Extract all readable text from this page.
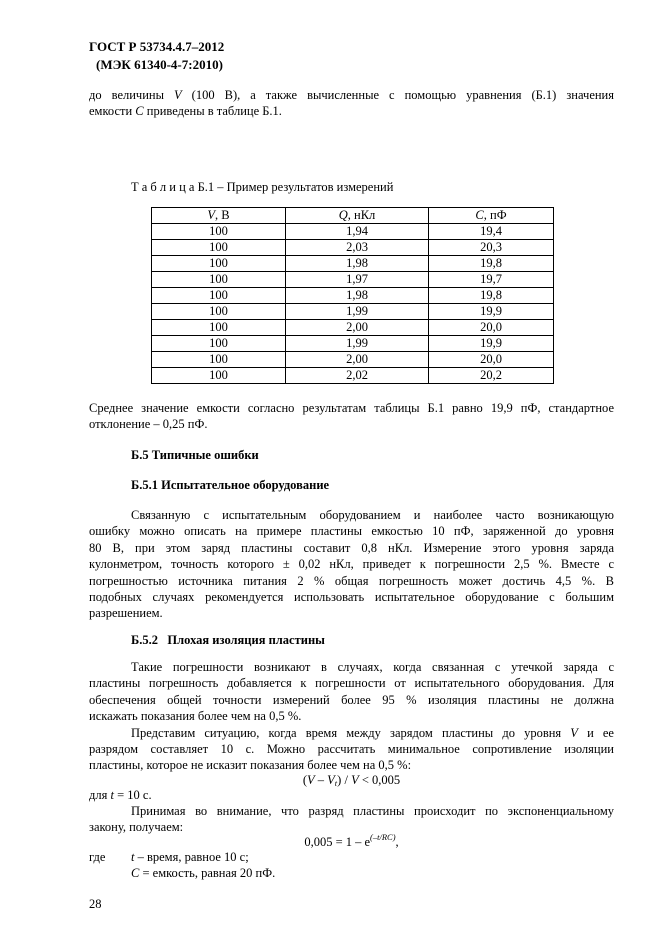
ГОСТ Р 53734.4.7–2012
(МЭК 61340-4-7:2010)
до величины V (100 В), а также вычисленные с помощью уравнения (Б.1) значения
емкости C приведены в таблице Б.1.
Т а б л и ц а Б.1 – Пример результатов измерений
V, В	Q, нКл	C, пФ
100	1,94	19,4
100	2,03	20,3
100	1,98	19,8
100	1,97	19,7
100	1,98	19,8
100	1,99	19,9
100	2,00	20,0
100	1,99	19,9
100	2,00	20,0
100	2,02	20,2
Среднее значение емкости согласно результатам таблицы Б.1 равно 19,9 пФ, стандартное
отклонение – 0,25 пФ.
Б.5 Типичные ошибки
Б.5.1 Испытательное оборудование
Связанную с испытательным оборудованием и наиболее часто возникающую
ошибку можно описать на примере пластины емкостью 10 пФ, заряженной до уровня
80 В, при этом заряд пластины составит 0,8 нКл. Измерение этого уровня заряда
кулонметром, точность которого ± 0,02 нКл, приведет к погрешности 2,5 %. Вместе с
погрешностью источника питания 2 % общая погрешность может достичь 4,5 %. В
подобных случаях рекомендуется использовать испытательное оборудование с большим
разрешением.
Б.5.2   Плохая изоляция пластины
Такие погрешности возникают в случаях, когда связанная с утечкой заряда с
пластины погрешность добавляется к погрешности от испытательного оборудования. Для
обеспечения общей точности измерений более 95 % изоляция пластины не должна
искажать показания более чем на 0,5 %.
Представим ситуацию, когда время между зарядом пластины до уровня V и ее
разрядом составляет 10 с. Можно рассчитать минимальное сопротивление изоляции
пластины, которое не исказит показания более чем на 0,5 %:
$(V - V_t) / V < 0,005$
для t = 10 с.
Принимая во внимание, что разряд пластины происходит по экспоненциальному
закону, получаем:
$0,005 = 1 - e^{(-t/RC)}$,
где t – время, равное 10 с;
C = емкость, равная 20 пФ.
28
